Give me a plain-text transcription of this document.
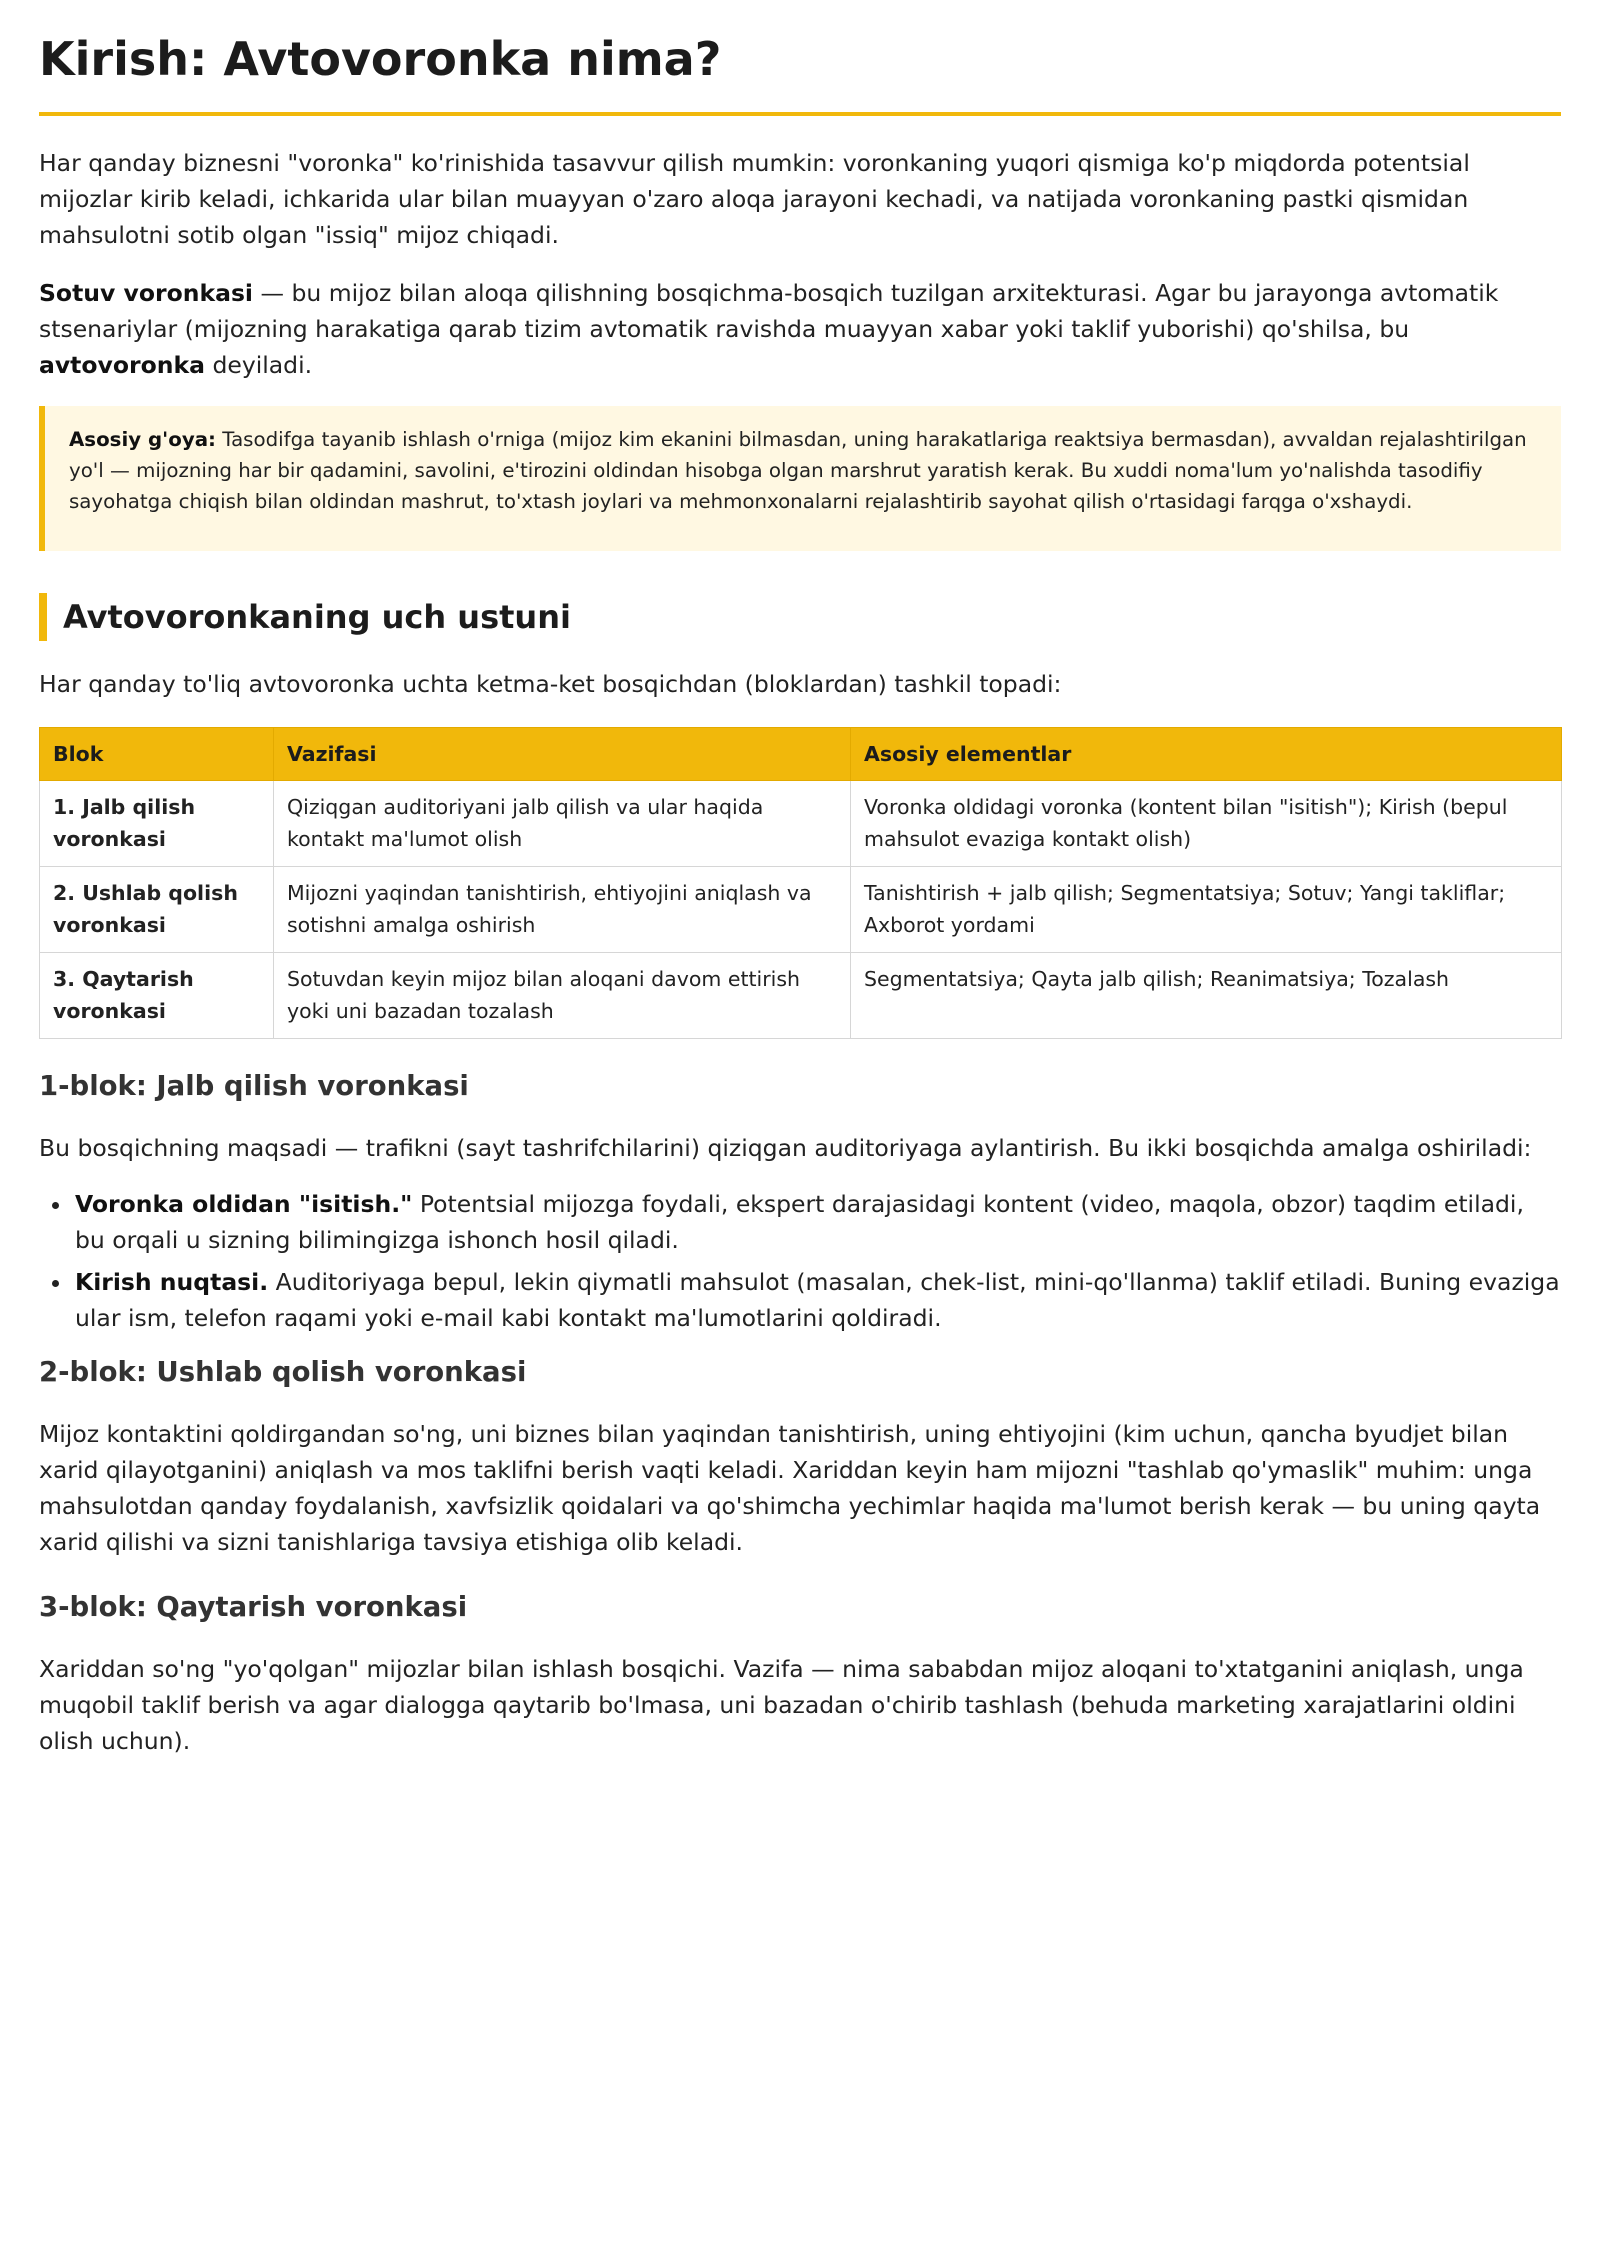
Kirish: Avtovoronka nima?

Har qanday biznesni "voronka" ko'rinishida tasavvur qilish mumkin: voronkaning yuqori qismiga ko'p miqdorda potentsial mijozlar kirib keladi, ichkarida ular bilan muayyan o'zaro aloqa jarayoni kechadi, va natijada voronkaning pastki qismidan mahsulotni sotib olgan "issiq" mijoz chiqadi.

Sotuv voronkasi — bu mijoz bilan aloqa qilishning bosqichma-bosqich tuzilgan arxitekturasi. Agar bu jarayonga avtomatik stsenariylar (mijozning harakatiga qarab tizim avtomatik ravishda muayyan xabar yoki taklif yuborishi) qo'shilsa, bu avtovoronka deyiladi.

Asosiy g'oya: Tasodifga tayanib ishlash o'rniga (mijoz kim ekanini bilmasdan, uning harakatlariga reaktsiya bermasdan), avvaldan rejalashtirilgan yo'l — mijozning har bir qadamini, savolini, e'tirozini oldindan hisobga olgan marshrut yaratish kerak. Bu xuddi noma'lum yo'nalishda tasodifiy sayohatga chiqish bilan oldindan mashrut, to'xtash joylari va mehmonxonalarni rejalashtirib sayohat qilish o'rtasidagi farqga o'xshaydi.
Avtovoronkaning uch ustuni

Har qanday to'liq avtovoronka uchta ketma-ket bosqichdan (bloklardan) tashkil topadi:

Blok	Vazifasi	Asosiy elementlar
1. Jalb qilish voronkasi	Qiziqgan auditoriyani jalb qilish va ular haqida kontakt ma'lumot olish	Voronka oldidagi voronka (kontent bilan "isitish"); Kirish (bepul mahsulot evaziga kontakt olish)
2. Ushlab qolish voronkasi	Mijozni yaqindan tanishtirish, ehtiyojini aniqlash va sotishni amalga oshirish	Tanishtirish + jalb qilish; Segmentatsiya; Sotuv; Yangi takliflar; Axborot yordami
3. Qaytarish voronkasi	Sotuvdan keyin mijoz bilan aloqani davom ettirish yoki uni bazadan tozalash	Segmentatsiya; Qayta jalb qilish; Reanimatsiya; Tozalash
1-blok: Jalb qilish voronkasi

Bu bosqichning maqsadi — trafikni (sayt tashrifchilarini) qiziqgan auditoriyaga aylantirish. Bu ikki bosqichda amalga oshiriladi:

• Voronka oldidan "isitish." Potentsial mijozga foydali, ekspert darajasidagi kontent (video, maqola, obzor) taqdim etiladi, bu orqali u sizning bilimingizga ishonch hosil qiladi.
• Kirish nuqtasi. Auditoriyaga bepul, lekin qiymatli mahsulot (masalan, chek-list, mini-qo'llanma) taklif etiladi. Buning evaziga ular ism, telefon raqami yoki e-mail kabi kontakt ma'lumotlarini qoldiradi.
2-blok: Ushlab qolish voronkasi

Mijoz kontaktini qoldirgandan so'ng, uni biznes bilan yaqindan tanishtirish, uning ehtiyojini (kim uchun, qancha byudjet bilan xarid qilayotganini) aniqlash va mos taklifni berish vaqti keladi. Xariddan keyin ham mijozni "tashlab qo'ymaslik" muhim: unga mahsulotdan qanday foydalanish, xavfsizlik qoidalari va qo'shimcha yechimlar haqida ma'lumot berish kerak — bu uning qayta xarid qilishi va sizni tanishlariga tavsiya etishiga olib keladi.

3-blok: Qaytarish voronkasi

Xariddan so'ng "yo'qolgan" mijozlar bilan ishlash bosqichi. Vazifa — nima sababdan mijoz aloqani to'xtatganini aniqlash, unga muqobil taklif berish va agar dialogga qaytarib bo'lmasa, uni bazadan o'chirib tashlash (behuda marketing xarajatlarini oldini olish uchun).
